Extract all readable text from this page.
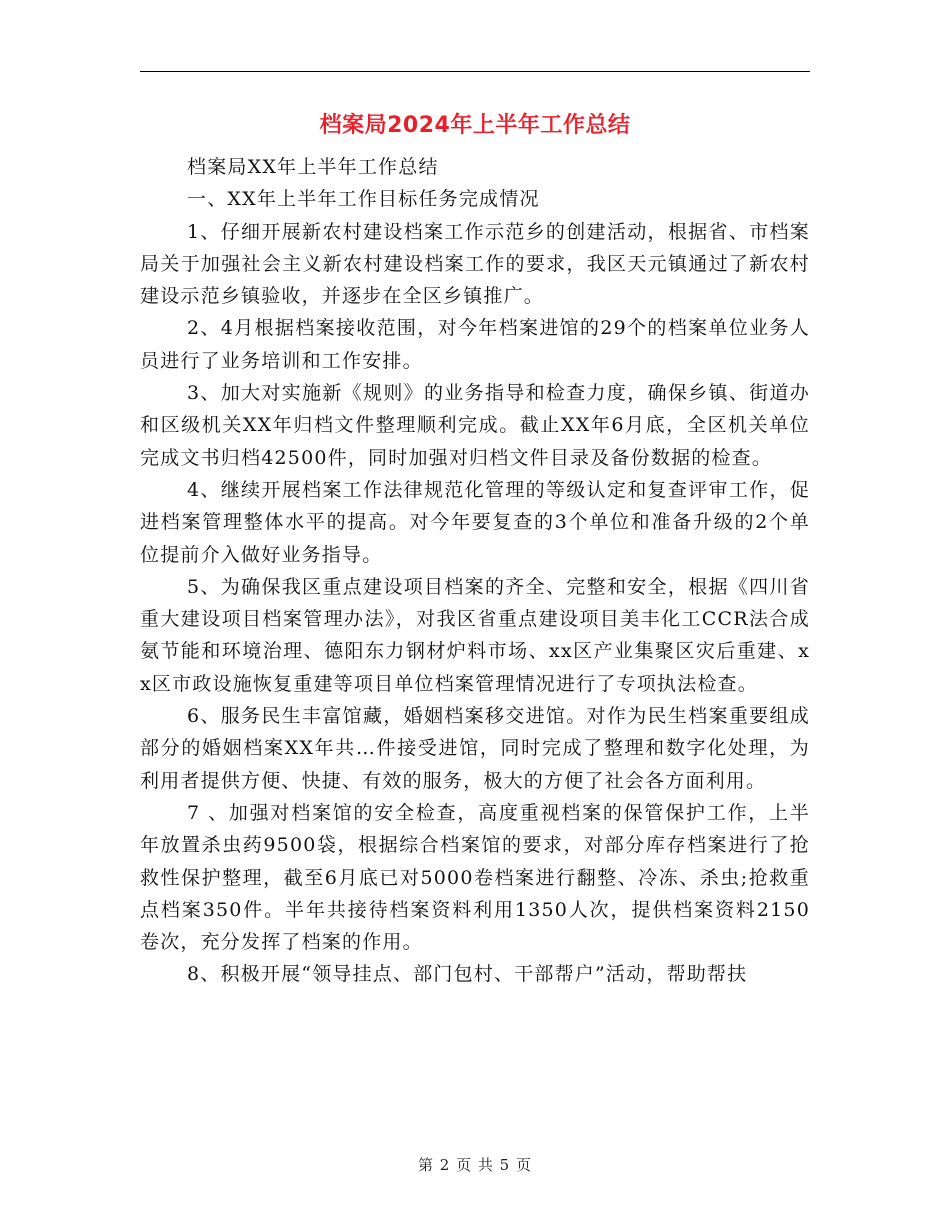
档案局2024年上半年工作总结

档案局XX年上半年工作总结

一、XX年上半年工作目标任务完成情况

1、仔细开展新农村建设档案工作示范乡的创建活动，根据省、市档案局关于加强社会主义新农村建设档案工作的要求，我区天元镇通过了新农村建设示范乡镇验收，并逐步在全区乡镇推广。

2、4月根据档案接收范围，对今年档案进馆的29个的档案单位业务人员进行了业务培训和工作安排。

3、加大对实施新《规则》的业务指导和检查力度，确保乡镇、街道办和区级机关XX年归档文件整理顺利完成。截止XX年6月底，全区机关单位完成文书归档42500件，同时加强对归档文件目录及备份数据的检查。

4、继续开展档案工作法律规范化管理的等级认定和复查评审工作，促进档案管理整体水平的提高。对今年要复查的3个单位和准备升级的2个单位提前介入做好业务指导。

5、为确保我区重点建设项目档案的齐全、完整和安全，根据《四川省重大建设项目档案管理办法》，对我区省重点建设项目美丰化工CCR法合成氨节能和环境治理、德阳东力钢材炉料市场、xx区产业集聚区灾后重建、xx区市政设施恢复重建等项目单位档案管理情况进行了专项执法检查。

6、服务民生丰富馆藏，婚姻档案移交进馆。对作为民生档案重要组成部分的婚姻档案XX年共…件接受进馆，同时完成了整理和数字化处理，为利用者提供方便、快捷、有效的服务，极大的方便了社会各方面利用。

7 、加强对档案馆的安全检查，高度重视档案的保管保护工作，上半年放置杀虫药9500袋，根据综合档案馆的要求，对部分库存档案进行了抢救性保护整理，截至6月底已对5000卷档案进行翻整、冷冻、杀虫;抢救重点档案350件。半年共接待档案资料利用1350人次，提供档案资料2150卷次，充分发挥了档案的作用。

8、积极开展“领导挂点、部门包村、干部帮户”活动，帮助帮扶

第 2 页 共 5 页
